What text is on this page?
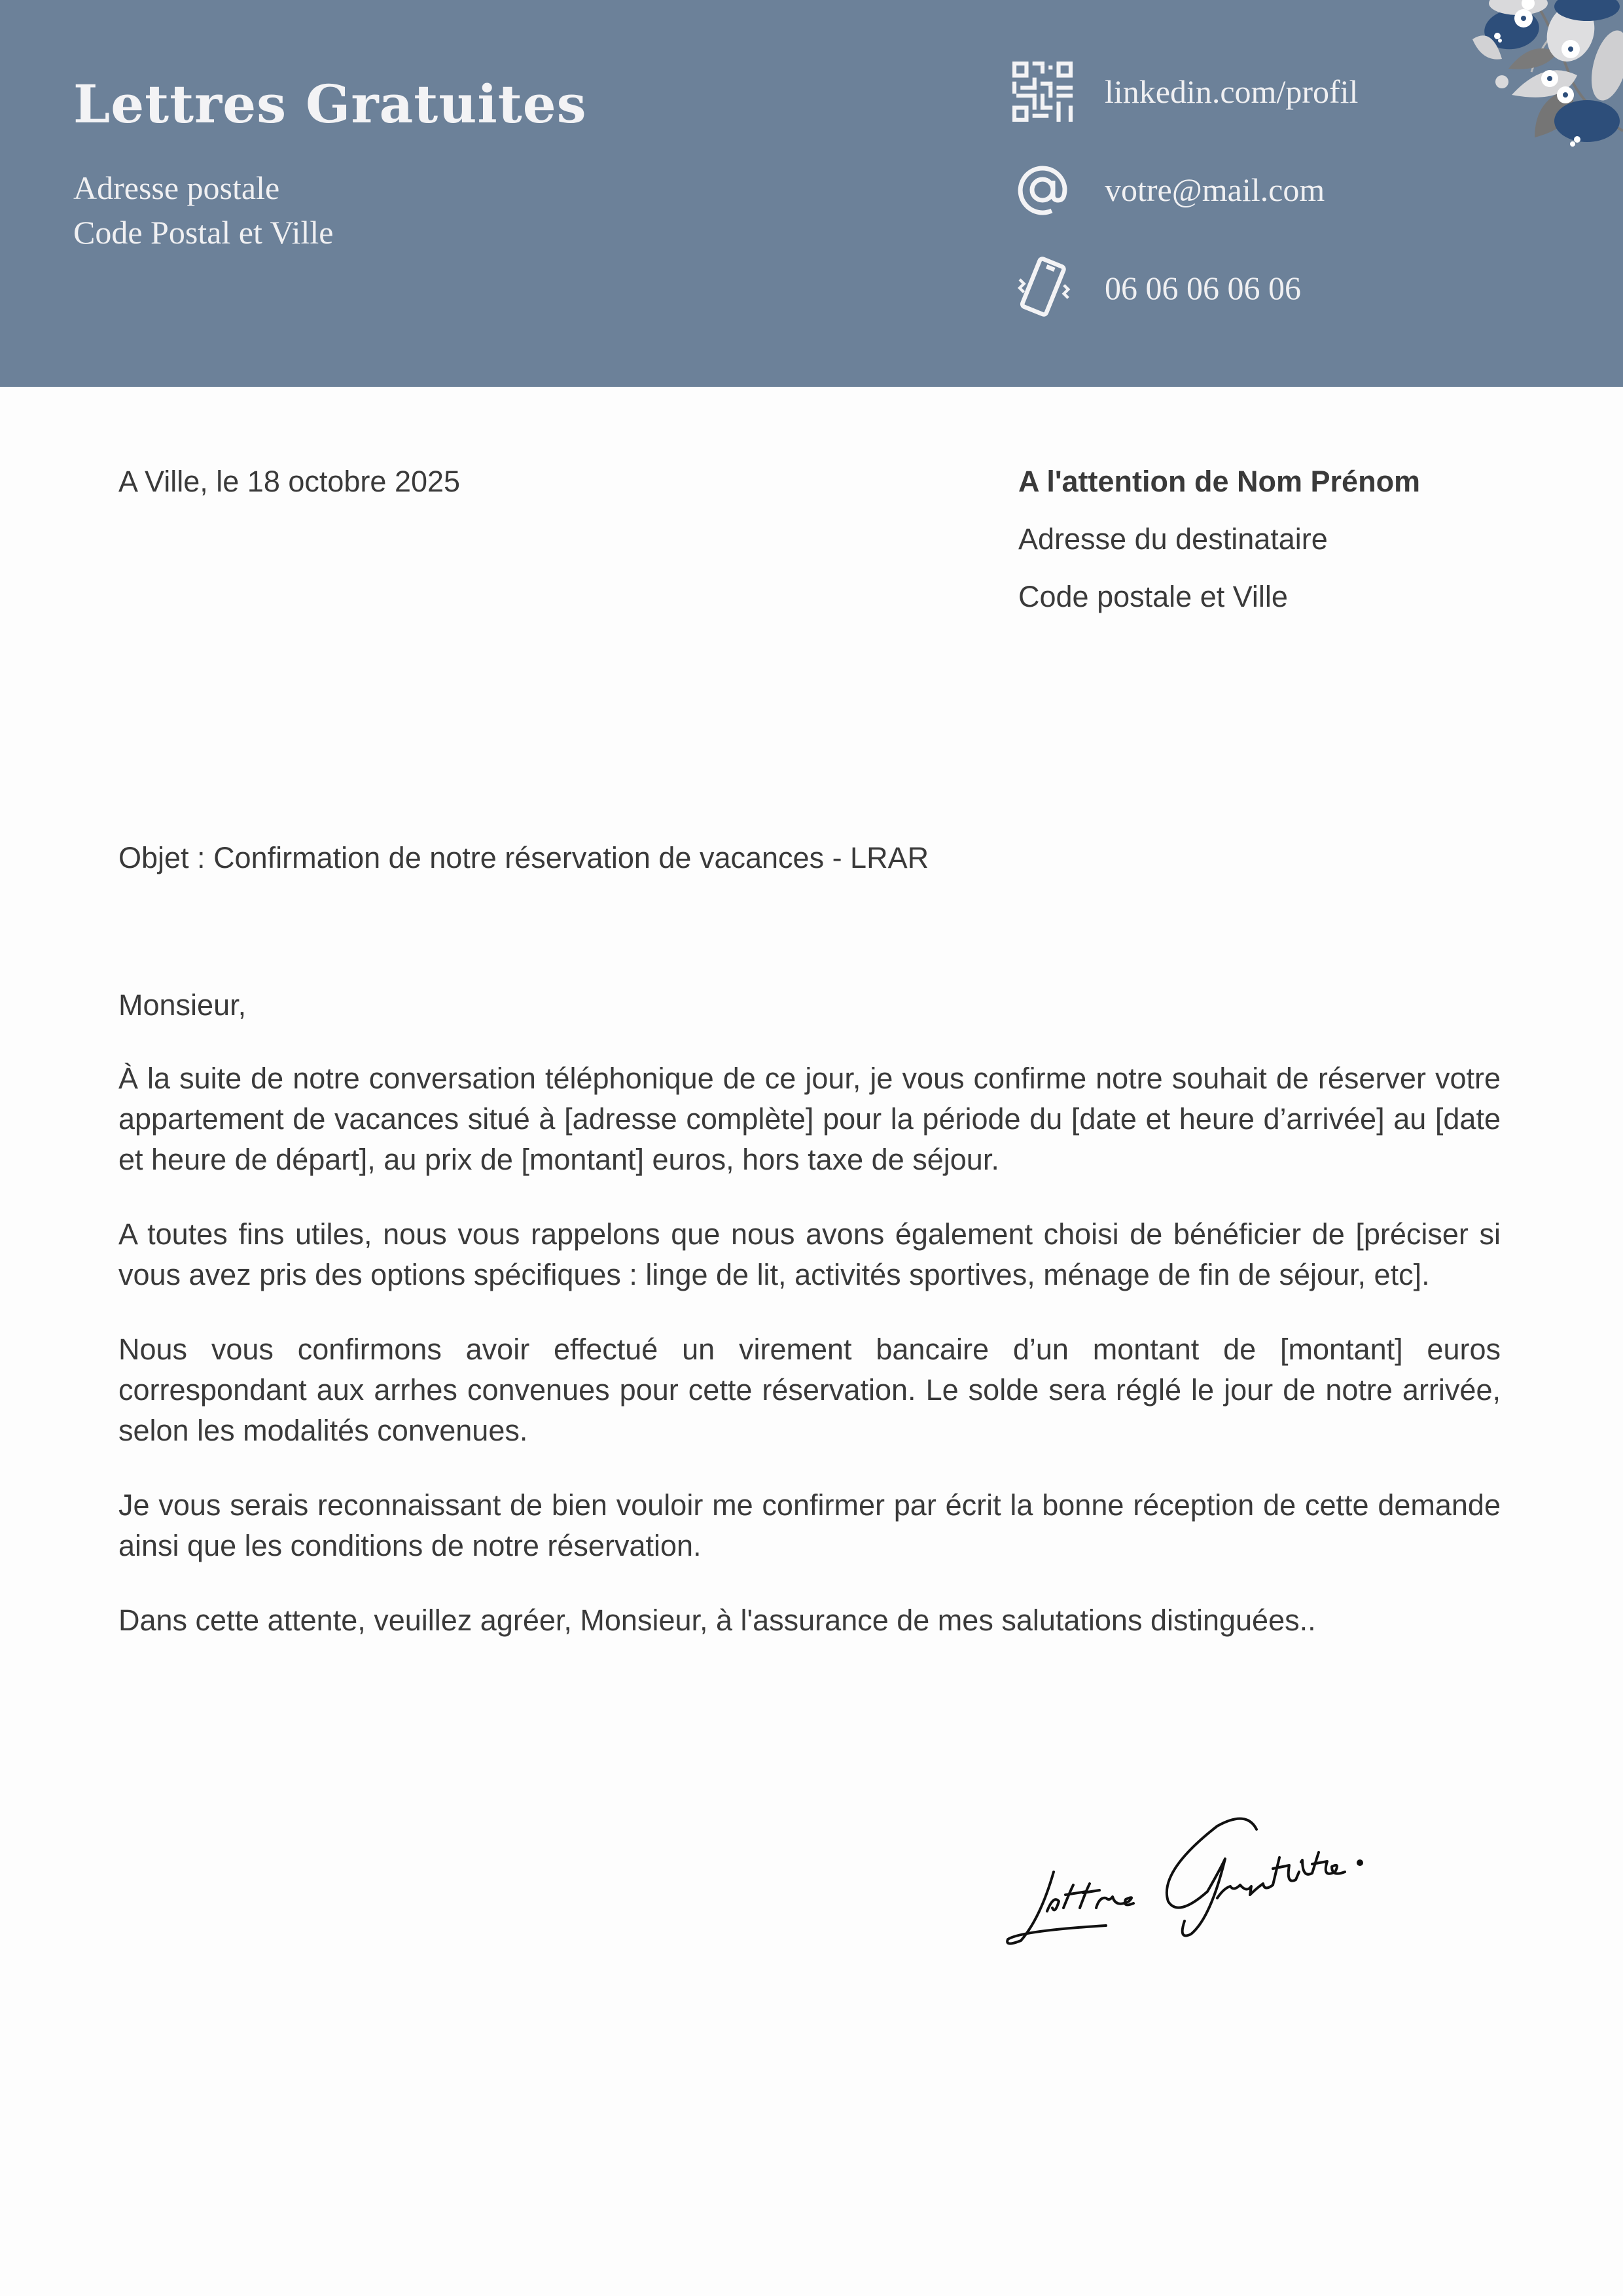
Lettres Gratuites
Adresse postale
Code Postal et Ville
linkedin.com/profil
votre@mail.com
06 06 06 06 06
A Ville, le 18 octobre 2025	A l'attention de Nom Prénom
Adresse du destinataire
Code postale et Ville
Objet : Confirmation de notre réservation de vacances - LRAR
Monsieur,

À la suite de notre conversation téléphonique de ce jour, je vous confirme notre souhait de réserver votre appartement de vacances situé à [adresse complète] pour la période du [date et heure d’arrivée] au [date et heure de départ], au prix de [montant] euros, hors taxe de séjour.

A toutes fins utiles, nous vous rappelons que nous avons également choisi de bénéficier de [préciser si vous avez pris des options spécifiques : linge de lit, activités sportives, ménage de fin de séjour, etc].

Nous vous confirmons avoir effectué un virement bancaire d’un montant de [montant] euros correspondant aux arrhes convenues pour cette réservation. Le solde sera réglé le jour de notre arrivée, selon les modalités convenues.

Je vous serais reconnaissant de bien vouloir me confirmer par écrit la bonne réception de cette demande ainsi que les conditions de notre réservation.

Dans cette attente, veuillez agréer, Monsieur, à l'assurance de mes salutations distinguées..
